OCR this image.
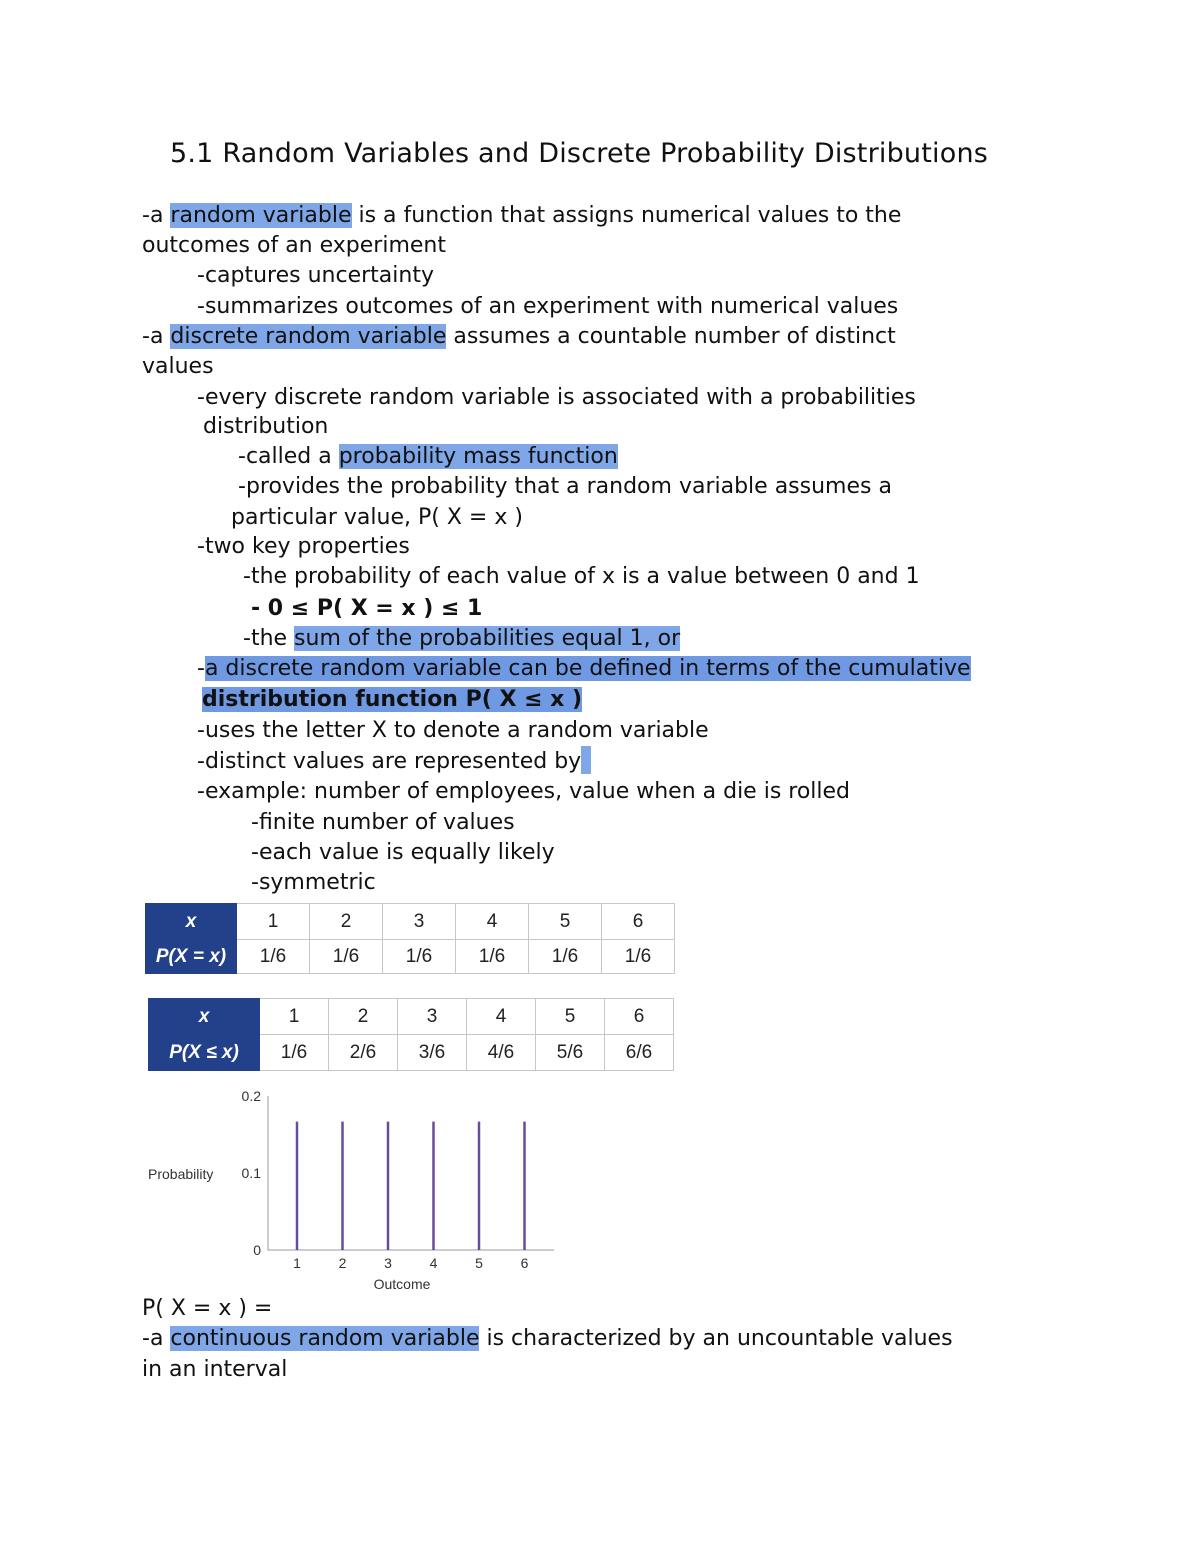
5.1 Random Variables and Discrete Probability Distributions
-a random variable is a function that assigns numerical values to the
outcomes of an experiment
-captures uncertainty
-summarizes outcomes of an experiment with numerical values
-a discrete random variable assumes a countable number of distinct
values
-every discrete random variable is associated with a probabilities
distribution
-called a probability mass function
-provides the probability that a random variable assumes a
particular value, P( X = x )
-two key properties
-the probability of each value of x is a value between 0 and 1
- 0 ≤ P( X = x ) ≤ 1
-the sum of the probabilities equal 1, or
-a discrete random variable can be defined in terms of the cumulative
distribution function P( X ≤ x )
-uses the letter X to denote a random variable
-distinct values are represented by
-example: number of employees, value when a die is rolled
-finite number of values
-each value is equally likely
-symmetric
x	1	2	3	4	5	6
P(X = x)	1/6	1/6	1/6	1/6	1/6	1/6
x	1	2	3	4	5	6
P(X ≤ x)	1/6	2/6	3/6	4/6	5/6	6/6
0
0.1
0.2
1	2	3	4	5	6
Probability
Outcome
P( X = x ) =
-a continuous random variable is characterized by an uncountable values
in an interval
